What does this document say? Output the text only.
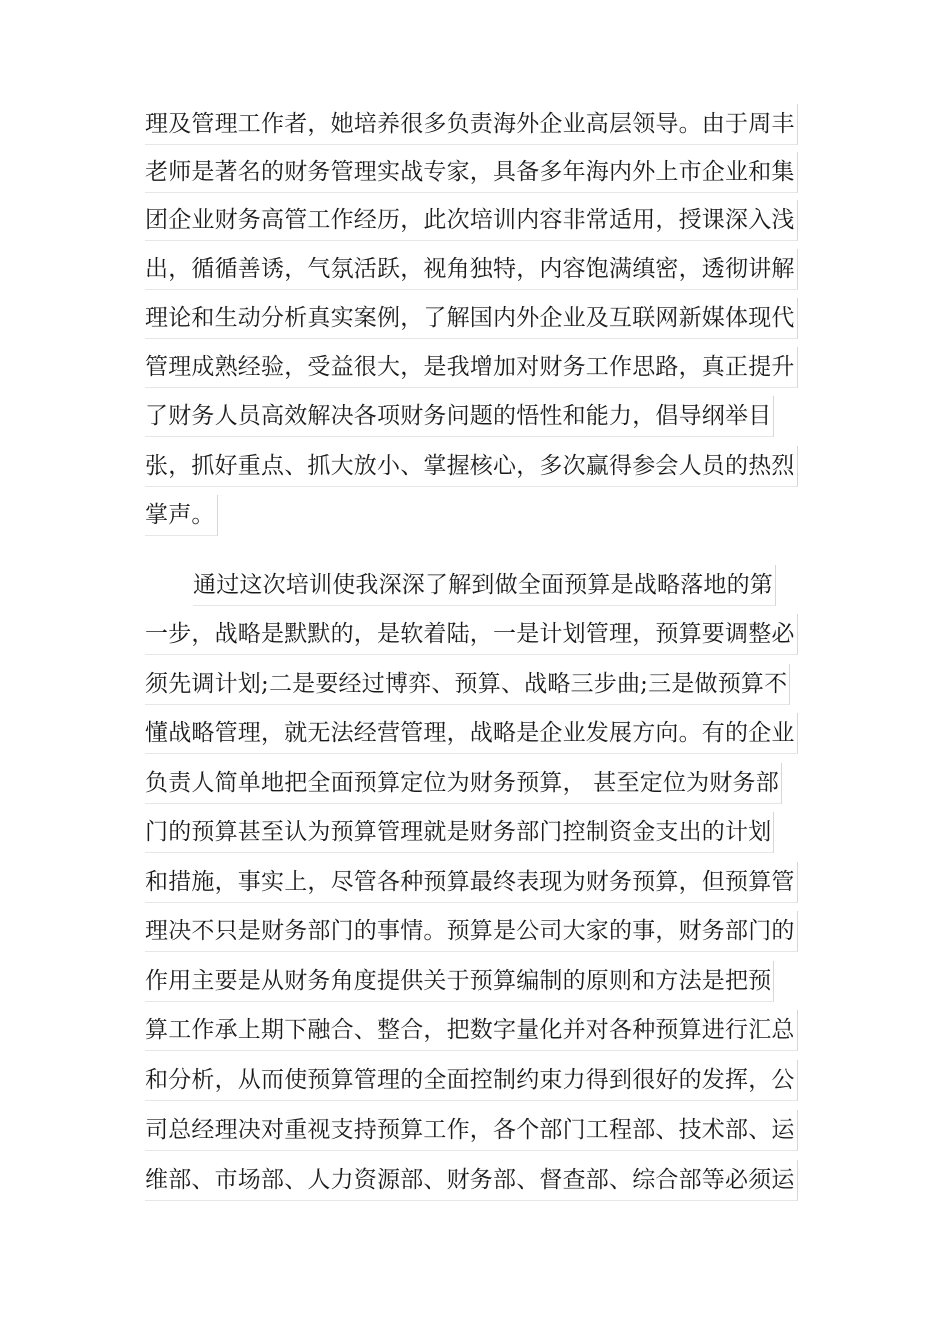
理及管理工作者，她培养很多负责海外企业高层领导。由于周丰
老师是著名的财务管理实战专家，具备多年海内外上市企业和集
团企业财务高管工作经历，此次培训内容非常适用，授课深入浅
出，循循善诱，气氛活跃，视角独特，内容饱满缜密，透彻讲解
理论和生动分析真实案例，了解国内外企业及互联网新媒体现代
管理成熟经验，受益很大，是我增加对财务工作思路，真正提升
了财务人员高效解决各项财务问题的悟性和能力，倡导纲举目
张，抓好重点、抓大放小、掌握核心，多次赢得参会人员的热烈
掌声。
通过这次培训使我深深了解到做全面预算是战略落地的第
一步，战略是默默的，是软着陆，一是计划管理，预算要调整必
须先调计划;二是要经过博弈、预算、战略三步曲;三是做预算不
懂战略管理，就无法经营管理，战略是企业发展方向。有的企业
负责人简单地把全面预算定位为财务预算， 甚至定位为财务部
门的预算甚至认为预算管理就是财务部门控制资金支出的计划
和措施，事实上，尽管各种预算最终表现为财务预算，但预算管
理决不只是财务部门的事情。预算是公司大家的事，财务部门的
作用主要是从财务角度提供关于预算编制的原则和方法是把预
算工作承上期下融合、整合，把数字量化并对各种预算进行汇总
和分析，从而使预算管理的全面控制约束力得到很好的发挥，公
司总经理决对重视支持预算工作，各个部门工程部、技术部、运
维部、市场部、人力资源部、财务部、督查部、综合部等必须运
